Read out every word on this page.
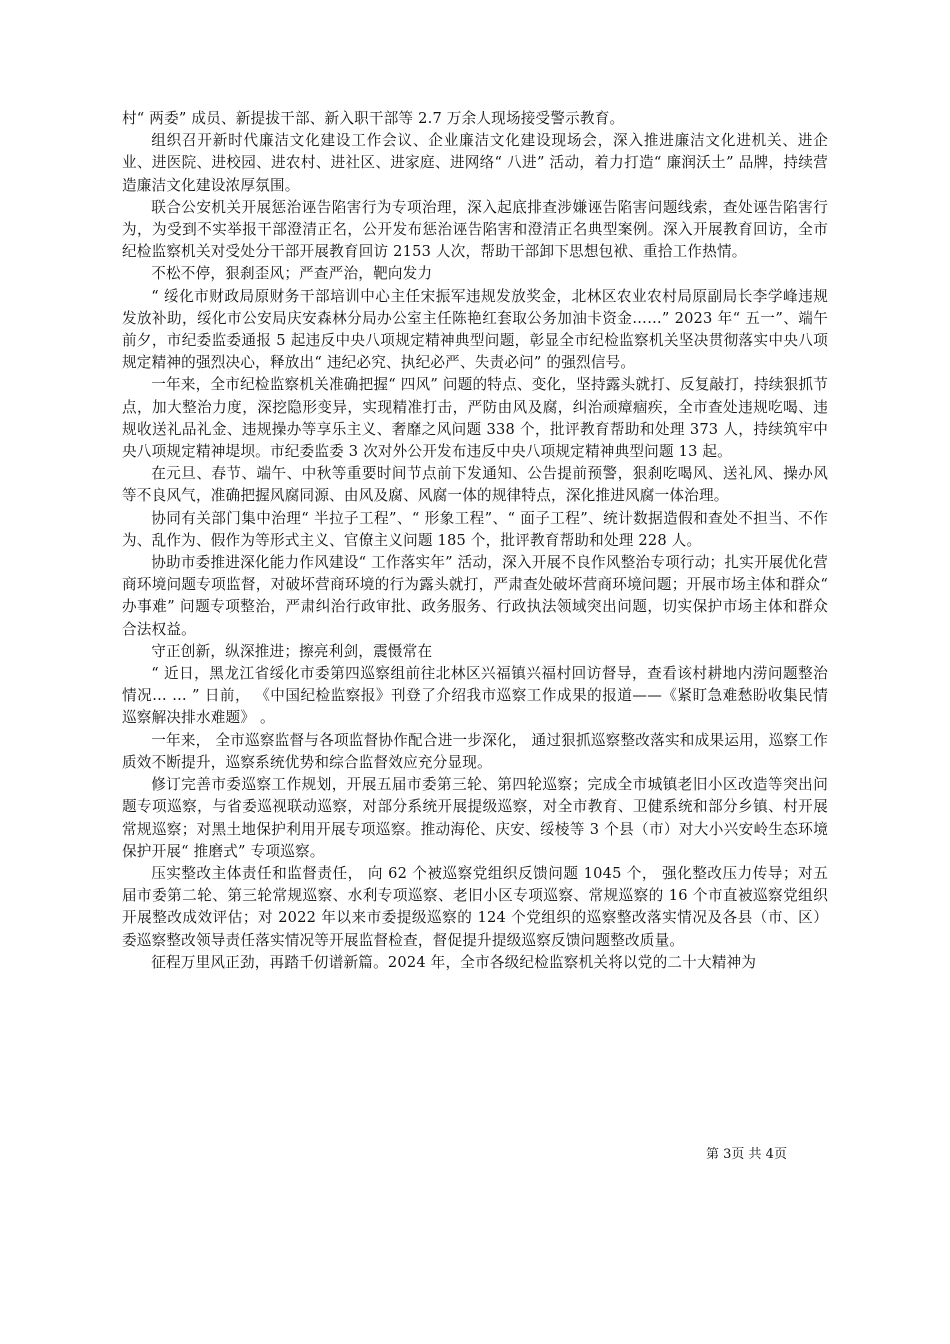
村“ 两委” 成员、新提拔干部、新入职干部等 2.7 万余人现场接受警示教育。

组织召开新时代廉洁文化建设工作会议、企业廉洁文化建设现场会，深入推进廉洁文化进机关、进企业、进医院、进校园、进农村、进社区、进家庭、进网络“ 八进” 活动，着力打造“ 廉润沃土” 品牌，持续营造廉洁文化建设浓厚氛围。

联合公安机关开展惩治诬告陷害行为专项治理，深入起底排查涉嫌诬告陷害问题线索，查处诬告陷害行为，为受到不实举报干部澄清正名，公开发布惩治诬告陷害和澄清正名典型案例。深入开展教育回访，全市纪检监察机关对受处分干部开展教育回访 2153 人次，帮助干部卸下思想包袱、重拾工作热情。

不松不停，狠刹歪风；严查严治，靶向发力

“ 绥化市财政局原财务干部培训中心主任宋振军违规发放奖金，北林区农业农村局原副局长李学峰违规发放补助，绥化市公安局庆安森林分局办公室主任陈艳红套取公务加油卡资金……” 2023 年“ 五一”、端午前夕，市纪委监委通报 5 起违反中央八项规定精神典型问题，彰显全市纪检监察机关坚决贯彻落实中央八项规定精神的强烈决心，释放出“ 违纪必究、执纪必严、失责必问” 的强烈信号。

一年来，全市纪检监察机关准确把握“ 四风” 问题的特点、变化，坚持露头就打、反复敲打，持续狠抓节点，加大整治力度，深挖隐形变异，实现精准打击，严防由风及腐，纠治顽瘴痼疾，全市查处违规吃喝、违规收送礼品礼金、违规操办等享乐主义、奢靡之风问题 338 个，批评教育帮助和处理 373 人，持续筑牢中央八项规定精神堤坝。市纪委监委 3 次对外公开发布违反中央八项规定精神典型问题 13 起。

在元旦、春节、端午、中秋等重要时间节点前下发通知、公告提前预警，狠刹吃喝风、送礼风、操办风等不良风气，准确把握风腐同源、由风及腐、风腐一体的规律特点，深化推进风腐一体治理。

协同有关部门集中治理“ 半拉子工程”、“ 形象工程”、“ 面子工程”、统计数据造假和查处不担当、不作为、乱作为、假作为等形式主义、官僚主义问题 185 个，批评教育帮助和处理 228 人。

协助市委推进深化能力作风建设“ 工作落实年” 活动，深入开展不良作风整治专项行动；扎实开展优化营商环境问题专项监督，对破坏营商环境的行为露头就打，严肃查处破坏营商环境问题；开展市场主体和群众“ 办事难” 问题专项整治，严肃纠治行政审批、政务服务、行政执法领域突出问题，切实保护市场主体和群众合法权益。

守正创新，纵深推进；擦亮利剑，震慑常在

“ 近日，黑龙江省绥化市委第四巡察组前往北林区兴福镇兴福村回访督导，查看该村耕地内涝问题整治情况… … ” 日前， 《中国纪检监察报》刊登了介绍我市巡察工作成果的报道——《紧盯急难愁盼收集民情 巡察解决排水难题》 。

一年来， 全市巡察监督与各项监督协作配合进一步深化， 通过狠抓巡察整改落实和成果运用，巡察工作质效不断提升，巡察系统优势和综合监督效应充分显现。

修订完善市委巡察工作规划，开展五届市委第三轮、第四轮巡察；完成全市城镇老旧小区改造等突出问题专项巡察，与省委巡视联动巡察，对部分系统开展提级巡察，对全市教育、卫健系统和部分乡镇、村开展常规巡察；对黑土地保护利用开展专项巡察。推动海伦、庆安、绥棱等 3 个县（市）对大小兴安岭生态环境保护开展“ 推磨式” 专项巡察。

压实整改主体责任和监督责任， 向 62 个被巡察党组织反馈问题 1045 个， 强化整改压力传导；对五届市委第二轮、第三轮常规巡察、水利专项巡察、老旧小区专项巡察、常规巡察的 16 个市直被巡察党组织开展整改成效评估；对 2022 年以来市委提级巡察的 124 个党组织的巡察整改落实情况及各县（市、区）委巡察整改领导责任落实情况等开展监督检查，督促提升提级巡察反馈问题整改质量。

征程万里风正劲，再踏千仞谱新篇。2024 年，全市各级纪检监察机关将以党的二十大精神为

第 3页 共 4页
